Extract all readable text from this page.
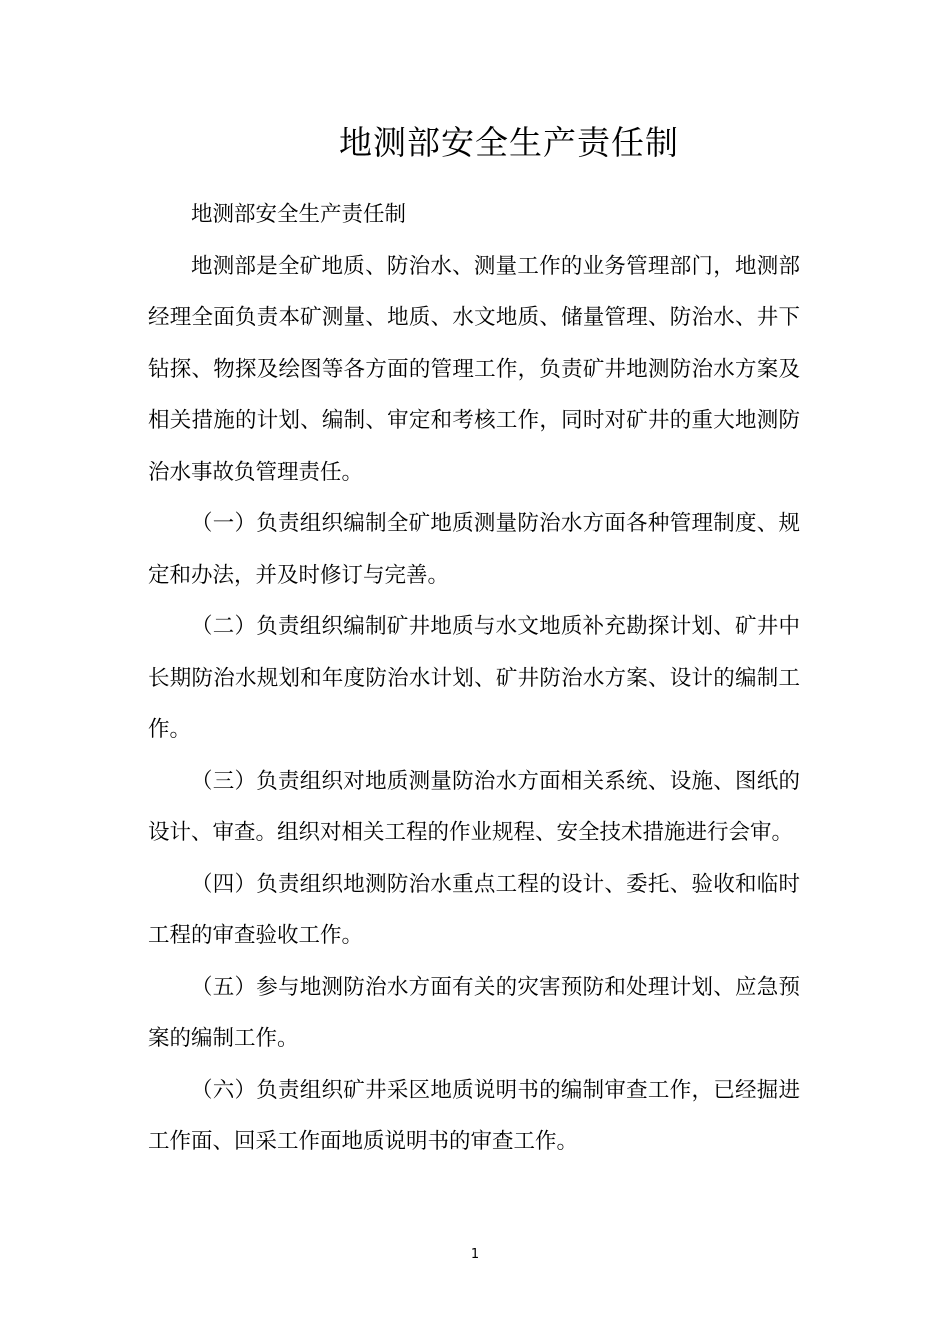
地测部安全生产责任制

地测部安全生产责任制

地测部是全矿地质、防治水、测量工作的业务管理部门，地测部经理全面负责本矿测量、地质、水文地质、储量管理、防治水、井下钻探、物探及绘图等各方面的管理工作，负责矿井地测防治水方案及相关措施的计划、编制、审定和考核工作，同时对矿井的重大地测防治水事故负管理责任。

（一）负责组织编制全矿地质测量防治水方面各种管理制度、规定和办法，并及时修订与完善。

（二）负责组织编制矿井地质与水文地质补充勘探计划、矿井中长期防治水规划和年度防治水计划、矿井防治水方案、设计的编制工作。

（三）负责组织对地质测量防治水方面相关系统、设施、图纸的设计、审查。组织对相关工程的作业规程、安全技术措施进行会审。

（四）负责组织地测防治水重点工程的设计、委托、验收和临时工程的审查验收工作。

（五）参与地测防治水方面有关的灾害预防和处理计划、应急预案的编制工作。

（六）负责组织矿井采区地质说明书的编制审查工作，已经掘进工作面、回采工作面地质说明书的审查工作。

1
